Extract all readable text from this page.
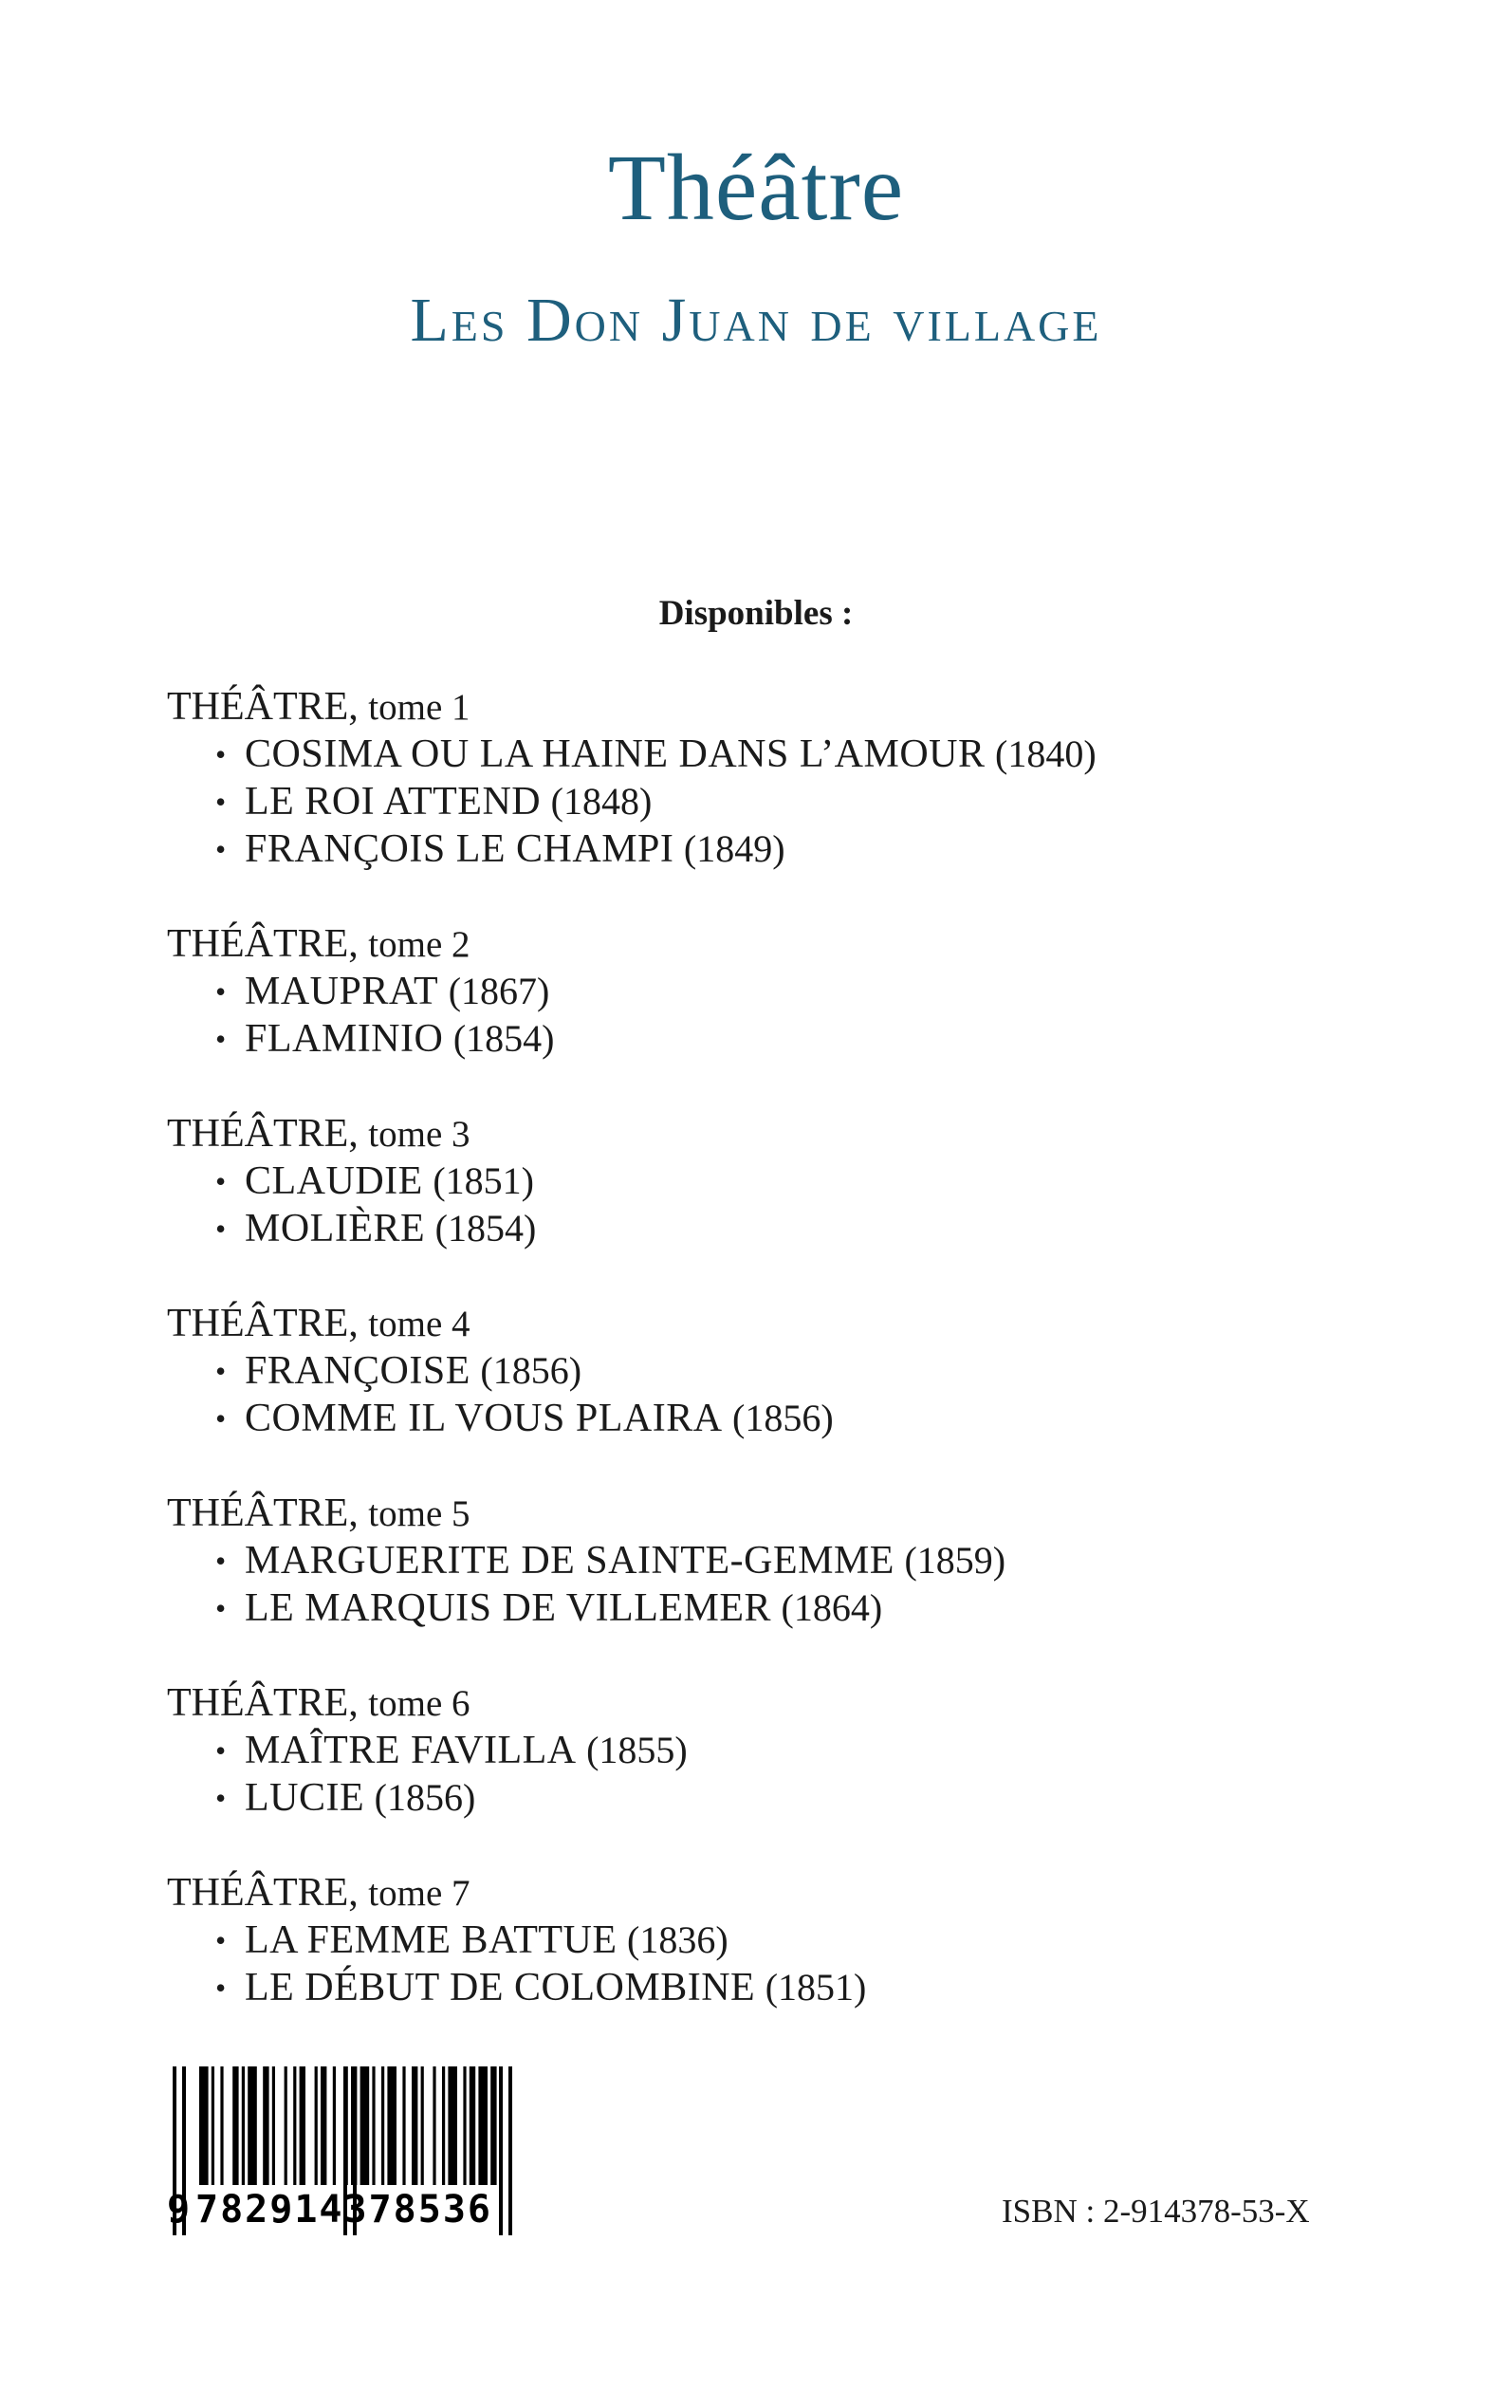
Théâtre
Les Don Juan de village
Disponibles :
THÉÂTRE, tome 1
• COSIMA OU LA HAINE DANS L’AMOUR (1840)
• LE ROI ATTEND (1848)
• FRANÇOIS LE CHAMPI (1849)
THÉÂTRE, tome 2
• MAUPRAT (1867)
• FLAMINIO (1854)
THÉÂTRE, tome 3
• CLAUDIE (1851)
• MOLIÈRE (1854)
THÉÂTRE, tome 4
• FRANÇOISE (1856)
• COMME IL VOUS PLAIRA (1856)
THÉÂTRE, tome 5
• MARGUERITE DE SAINTE-GEMME (1859)
• LE MARQUIS DE VILLEMER (1864)
THÉÂTRE, tome 6
• MAÎTRE FAVILLA (1855)
• LUCIE (1856)
THÉÂTRE, tome 7
• LA FEMME BATTUE (1836)
• LE DÉBUT DE COLOMBINE (1851)
9 782914378536	ISBN : 2-914378-53-X
